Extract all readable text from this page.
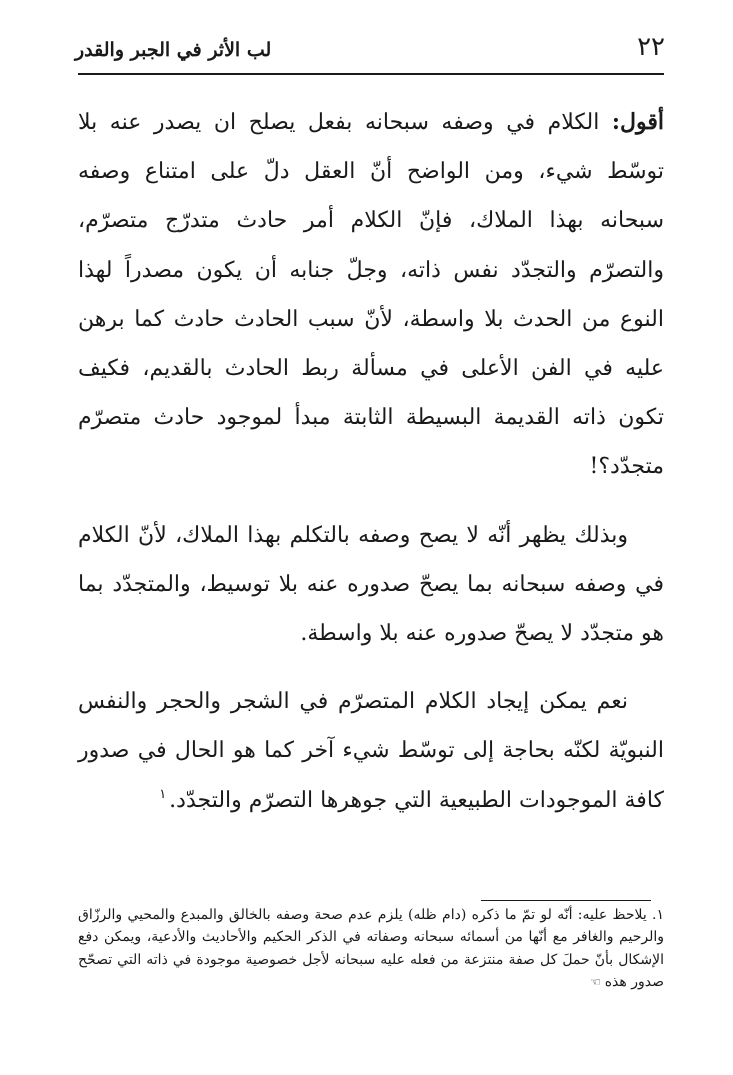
٢٢
لب الأثر في الجبر والقدر

أقول: الكلام في وصفه سبحانه بفعل يصلح ان يصدر عنه بلا توسّط شيء، ومن الواضح أنّ العقل دلّ على امتناع وصفه سبحانه بهذا الملاك، فإنّ الكلام أمر حادث متدرّج متصرّم، والتصرّم والتجدّد نفس ذاته، وجلّ جنابه أن يكون مصدراً لهذا النوع من الحدث بلا واسطة، لأنّ سبب الحادث حادث كما برهن عليه في الفن الأعلى في مسألة ربط الحادث بالقديم، فكيف تكون ذاته القديمة البسيطة الثابتة مبدأ لموجود حادث متصرّم متجدّد؟!

وبذلك يظهر أنّه لا يصح وصفه بالتكلم بهذا الملاك، لأنّ الكلام في وصفه سبحانه بما يصحّ صدوره عنه بلا توسيط، والمتجدّد بما هو متجدّد لا يصحّ صدوره عنه بلا واسطة.

نعم يمكن إيجاد الكلام المتصرّم في الشجر والحجر والنفس النبويّة لكنّه بحاجة إلى توسّط شيء آخر كما هو الحال في صدور كافة الموجودات الطبيعية التي جوهرها التصرّم والتجدّد.$^١$

١. يلاحظ عليه: أنّه لو تمّ ما ذكره (دام ظله) يلزم عدم صحة وصفه بالخالق والمبدع والمحيي والرزّاق والرحيم والغافر مع أنّها من أسمائه سبحانه وصفاته في الذكر الحكيم والأحاديث والأدعية، ويمكن دفع الإشكال بأنّ حملَ كل صفة منتزعة من فعله عليه سبحانه لأجل خصوصية موجودة في ذاته التي تصحّح صدور هذه☜
